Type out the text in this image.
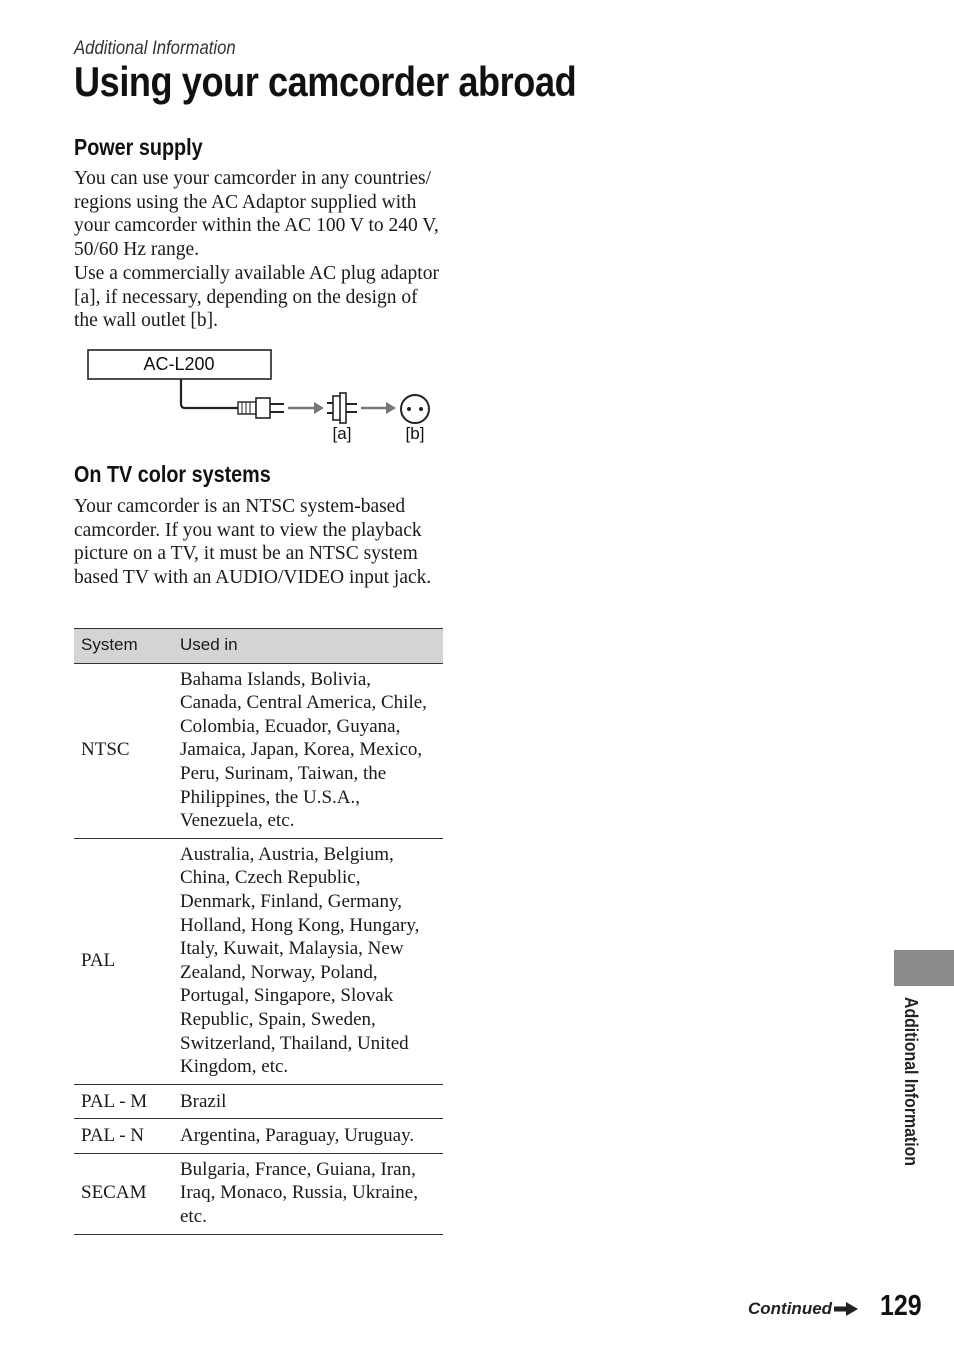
Additional Information
Using your camcorder abroad
Power supply

You can use your camcorder in any countries/ regions using the AC Adaptor supplied with your camcorder within the AC 100 V to 240 V, 50/60 Hz range.

Use a commercially available AC plug adaptor [a], if necessary, depending on the design of the wall outlet [b].

AC-L200
[a]	[b]
On TV color systems

Your camcorder is an NTSC system-based camcorder. If you want to view the playback picture on a TV, it must be an NTSC system based TV with an AUDIO/VIDEO input jack.

System	Used in
NTSC	Bahama Islands, Bolivia, Canada, Central America, Chile, Colombia, Ecuador, Guyana, Jamaica, Japan, Korea, Mexico, Peru, Surinam, Taiwan, the Philippines, the U.S.A., Venezuela, etc.
PAL	Australia, Austria, Belgium, China, Czech Republic, Denmark, Finland, Germany, Holland, Hong Kong, Hungary, Italy, Kuwait, Malaysia, New Zealand, Norway, Poland, Portugal, Singapore, Slovak Republic, Spain, Sweden, Switzerland, Thailand, United Kingdom, etc.
PAL - M	Brazil
PAL - N	Argentina, Paraguay, Uruguay.
SECAM	Bulgaria, France, Guiana, Iran, Iraq, Monaco, Russia, Ukraine, etc.
Additional Information
Continued 129
